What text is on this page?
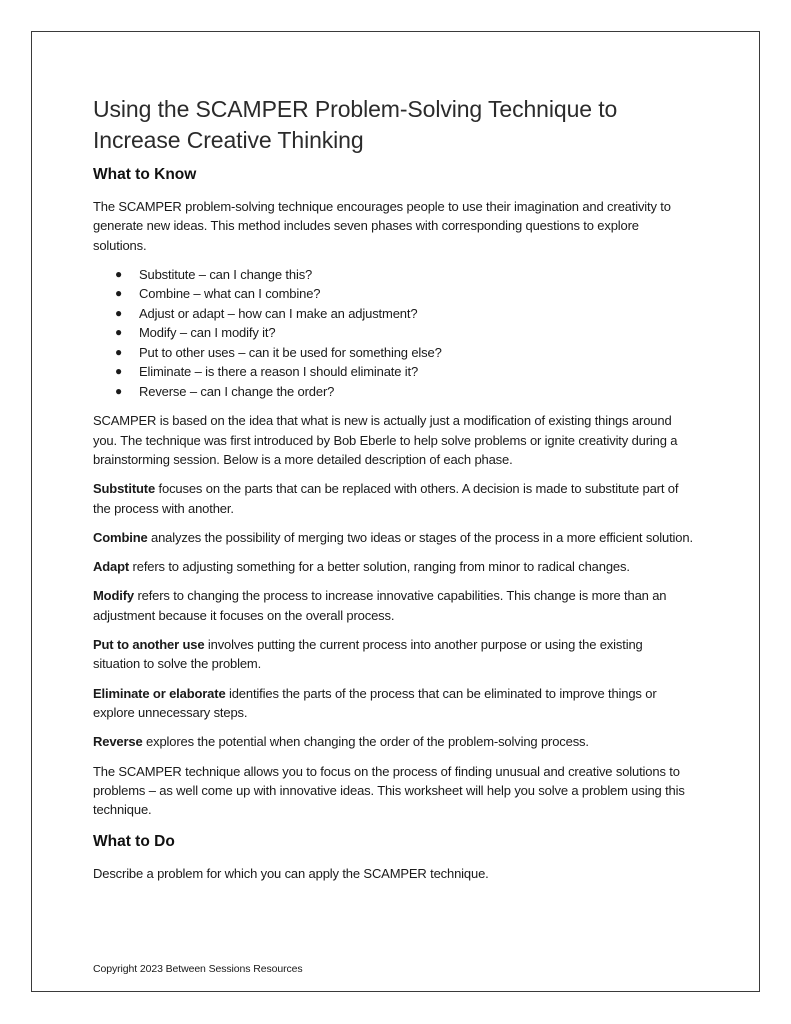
Using the SCAMPER Problem-Solving Technique to Increase Creative Thinking
What to Know

The SCAMPER problem-solving technique encourages people to use their imagination and creativity to generate new ideas. This method includes seven phases with corresponding questions to explore solutions.

● Substitute – can I change this?
● Combine – what can I combine?
● Adjust or adapt – how can I make an adjustment?
● Modify – can I modify it?
● Put to other uses – can it be used for something else?
● Eliminate – is there a reason I should eliminate it?
● Reverse – can I change the order?

SCAMPER is based on the idea that what is new is actually just a modification of existing things around you. The technique was first introduced by Bob Eberle to help solve problems or ignite creativity during a brainstorming session. Below is a more detailed description of each phase.

Substitute focuses on the parts that can be replaced with others. A decision is made to substitute part of the process with another.

Combine analyzes the possibility of merging two ideas or stages of the process in a more efficient solution.

Adapt refers to adjusting something for a better solution, ranging from minor to radical changes.

Modify refers to changing the process to increase innovative capabilities. This change is more than an adjustment because it focuses on the overall process.

Put to another use involves putting the current process into another purpose or using the existing situation to solve the problem.

Eliminate or elaborate identifies the parts of the process that can be eliminated to improve things or explore unnecessary steps.

Reverse explores the potential when changing the order of the problem-solving process.

The SCAMPER technique allows you to focus on the process of finding unusual and creative solutions to problems – as well come up with innovative ideas. This worksheet will help you solve a problem using this technique.

What to Do

Describe a problem for which you can apply the SCAMPER technique.

Copyright 2023 Between Sessions Resources
